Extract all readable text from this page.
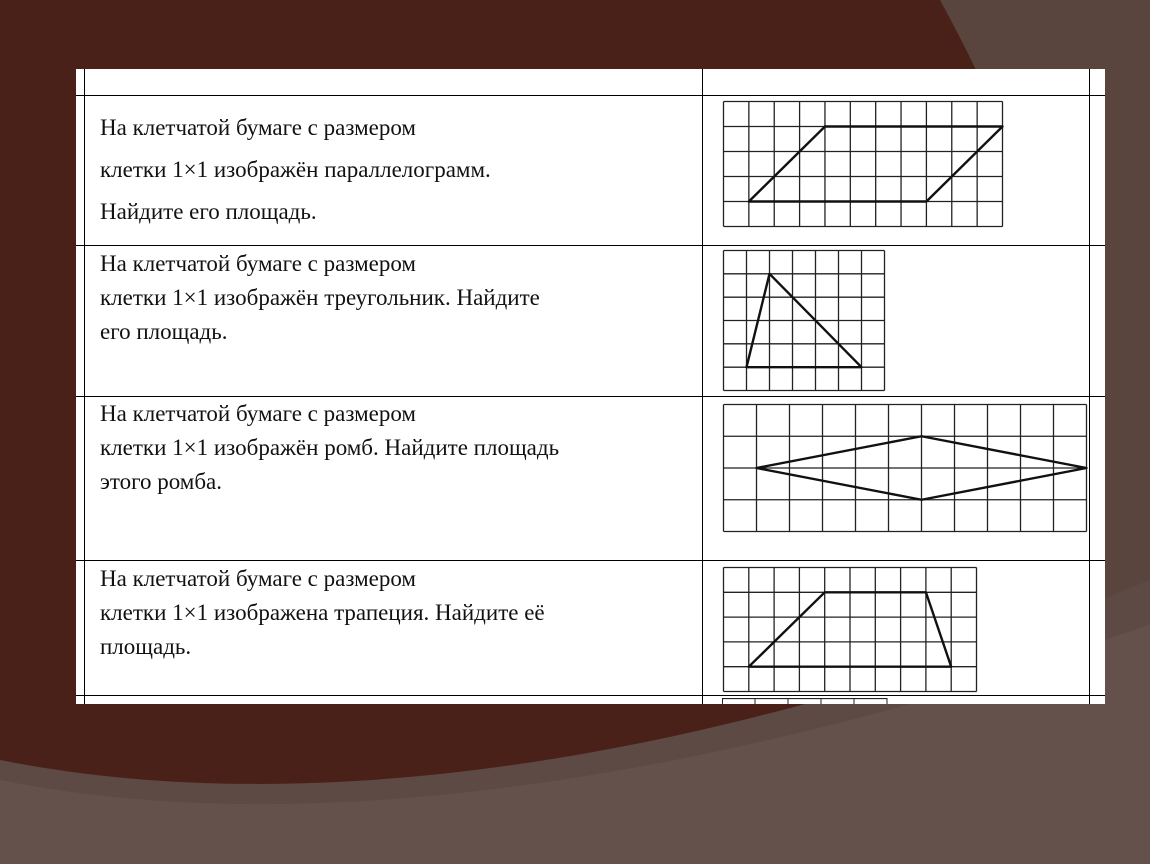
На клетчатой бумаге с размером
клетки 1×1 изображён параллелограмм.
Найдите его площадь.
На клетчатой бумаге с размером
клетки 1×1 изображён треугольник. Найдите
его площадь.
На клетчатой бумаге с размером
клетки 1×1 изображён ромб. Найдите площадь
этого ромба.
На клетчатой бумаге с размером
клетки 1×1 изображена трапеция. Найдите её
площадь.
